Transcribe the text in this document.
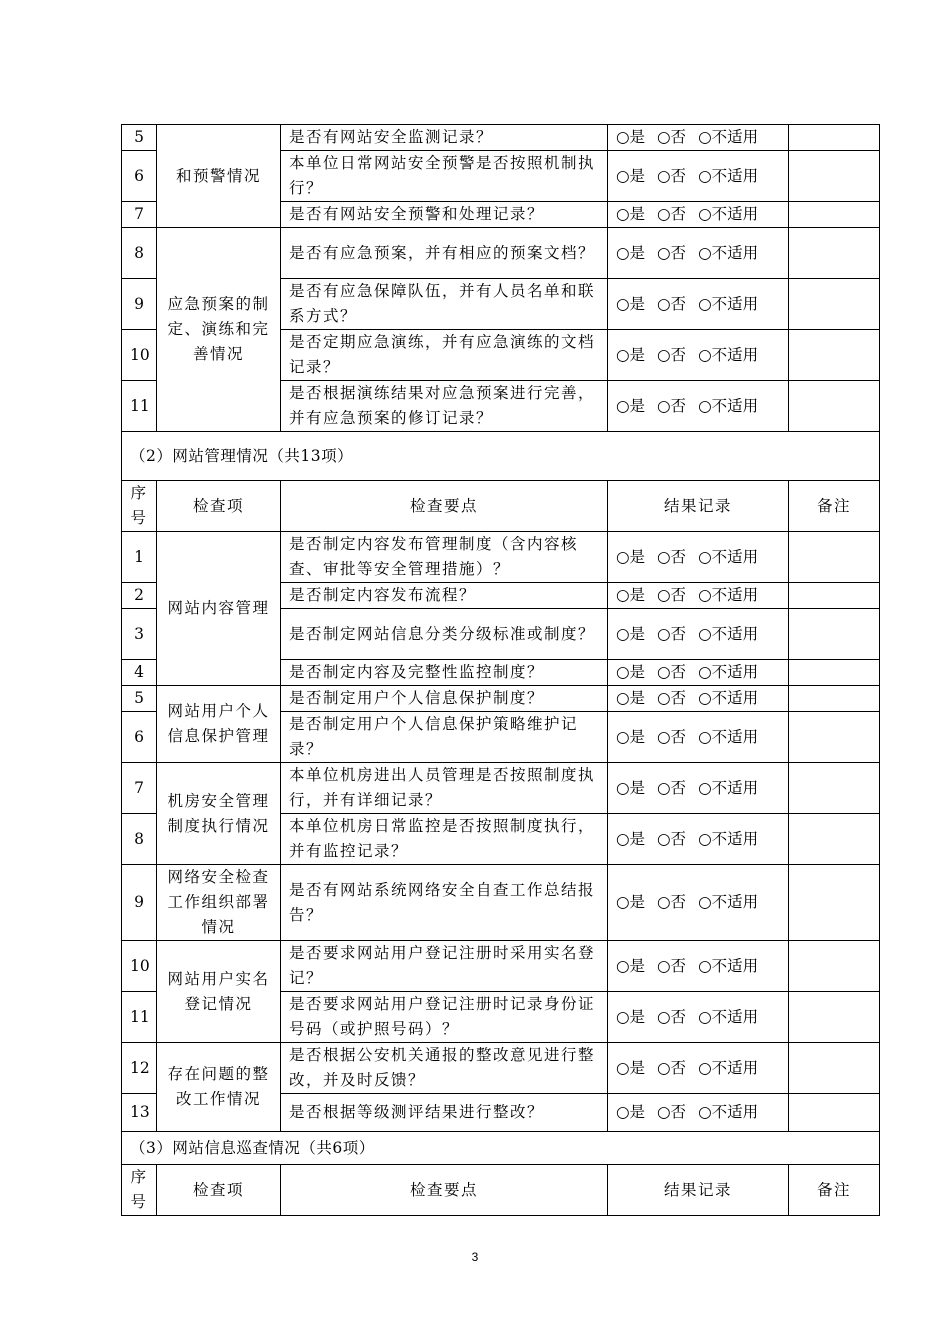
5	和预警情况	是否有网站安全监测记录？	○是 ○否 ○不适用	
6		本单位日常网站安全预警是否按照机制执行？	○是 ○否 ○不适用	
7		是否有网站安全预警和处理记录？	○是 ○否 ○不适用	
8	应急预案的制定、演练和完善情况	是否有应急预案，并有相应的预案文档？	○是 ○否 ○不适用	
9		是否有应急保障队伍，并有人员名单和联系方式？	○是 ○否 ○不适用	
10		是否定期应急演练，并有应急演练的文档记录？	○是 ○否 ○不适用	
11		是否根据演练结果对应急预案进行完善，并有应急预案的修订记录？	○是 ○否 ○不适用	
（2）网站管理情况（共13项）				
序号	检查项	检查要点	结果记录	备注
1	网站内容管理	是否制定内容发布管理制度（含内容核查、审批等安全管理措施）？	○是 ○否 ○不适用	
2		是否制定内容发布流程？	○是 ○否 ○不适用	
3		是否制定网站信息分类分级标准或制度？	○是 ○否 ○不适用	
4		是否制定内容及完整性监控制度？	○是 ○否 ○不适用	
5	网站用户个人信息保护管理	是否制定用户个人信息保护制度？	○是 ○否 ○不适用	
6		是否制定用户个人信息保护策略维护记录？	○是 ○否 ○不适用	
7	机房安全管理制度执行情况	本单位机房进出人员管理是否按照制度执行，并有详细记录？	○是 ○否 ○不适用	
8		本单位机房日常监控是否按照制度执行，并有监控记录？	○是 ○否 ○不适用	
9	网络安全检查工作组织部署情况	是否有网站系统网络安全自查工作总结报告？	○是 ○否 ○不适用	
10	网站用户实名登记情况	是否要求网站用户登记注册时采用实名登记？	○是 ○否 ○不适用	
11		是否要求网站用户登记注册时记录身份证号码（或护照号码）？	○是 ○否 ○不适用	
12	存在问题的整改工作情况	是否根据公安机关通报的整改意见进行整改，并及时反馈？	○是 ○否 ○不适用	
13		是否根据等级测评结果进行整改？	○是 ○否 ○不适用	
（3）网站信息巡查情况（共6项）				
序号	检查项	检查要点	结果记录	备注
3
